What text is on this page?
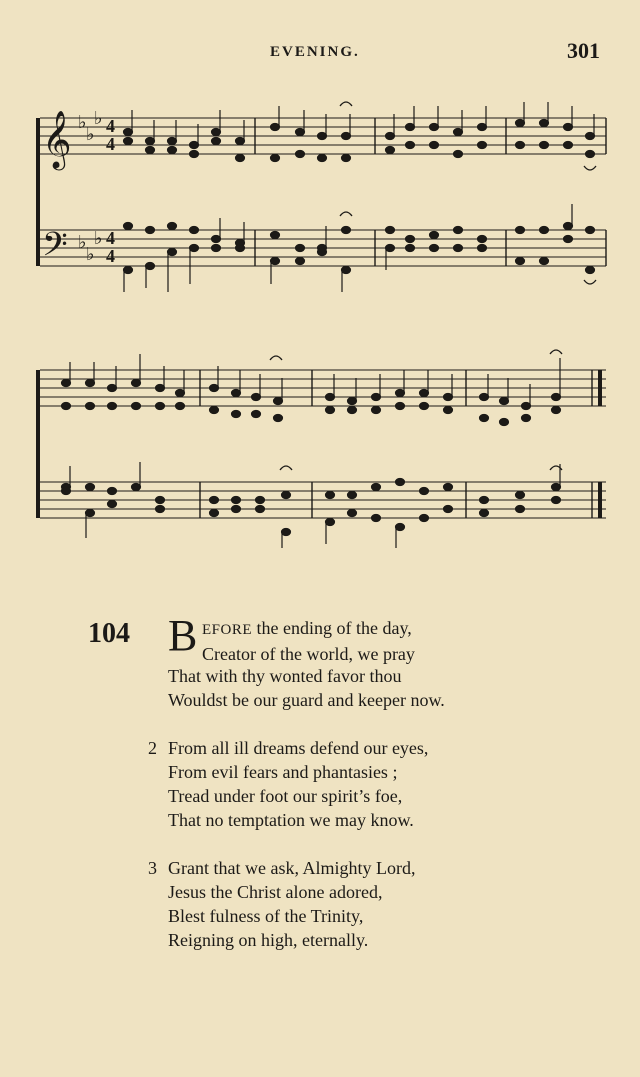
EVENING.	301
𝄞
𝄢
♭
♭
♭
♭
♭
♭
4
4
4
4
104 B EFORE the ending of the day,
Creator of the world, we pray
That with thy wonted favor thou
Wouldst be our guard and keeper now.
2 From all ill dreams defend our eyes,
From evil fears and phantasies ;
Tread under foot our spirit’s foe,
That no temptation we may know.
3 Grant that we ask, Almighty Lord,
Jesus the Christ alone adored,
Blest fulness of the Trinity,
Reigning on high, eternally.
